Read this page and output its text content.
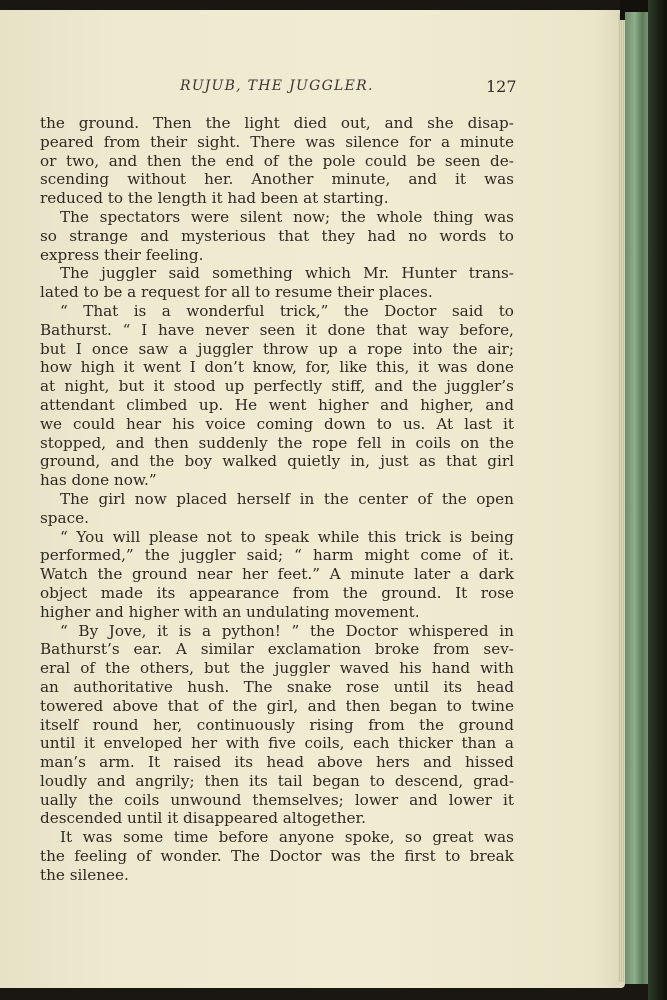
RUJUB, THE JUGGLER.	127
the ground. Then the light died out, and she disap-
peared from their sight. There was silence for a minute
or two, and then the end of the pole could be seen de-
scending without her. Another minute, and it was
reduced to the length it had been at starting.
The spectators were silent now; the whole thing was
so strange and mysterious that they had no words to
express their feeling.
The juggler said something which Mr. Hunter trans-
lated to be a request for all to resume their places.
“ That is a wonderful trick,” the Doctor said to
Bathurst. “ I have never seen it done that way before,
but I once saw a juggler throw up a rope into the air;
how high it went I don’t know, for, like this, it was done
at night, but it stood up perfectly stiff, and the juggler’s
attendant climbed up. He went higher and higher, and
we could hear his voice coming down to us. At last it
stopped, and then suddenly the rope fell in coils on the
ground, and the boy walked quietly in, just as that girl
has done now.”
The girl now placed herself in the center of the open
space.
“ You will please not to speak while this trick is being
performed,” the juggler said; “ harm might come of it.
Watch the ground near her feet.” A minute later a dark
object made its appearance from the ground. It rose
higher and higher with an undulating movement.
“ By Jove, it is a python! ” the Doctor whispered in
Bathurst’s ear. A similar exclamation broke from sev-
eral of the others, but the juggler waved his hand with
an authoritative hush. The snake rose until its head
towered above that of the girl, and then began to twine
itself round her, continuously rising from the ground
until it enveloped her with five coils, each thicker than a
man’s arm. It raised its head above hers and hissed
loudly and angrily; then its tail began to descend, grad-
ually the coils unwound themselves; lower and lower it
descended until it disappeared altogether.
It was some time before anyone spoke, so great was
the feeling of wonder. The Doctor was the first to break
the silenee.
